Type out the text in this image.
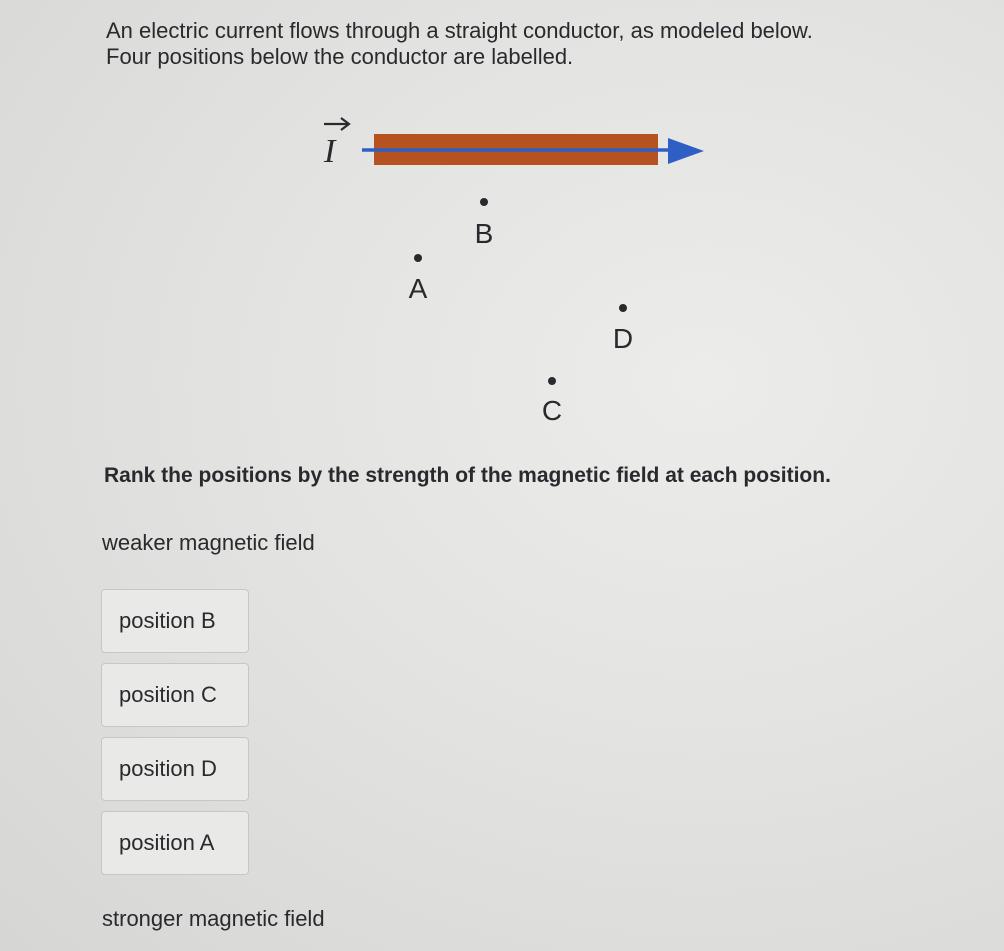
An electric current flows through a straight conductor, as modeled below.
Four positions below the conductor are labelled.
I
A
B
C
D

Rank the positions by the strength of the magnetic field at each position.

weaker magnetic field

position B
position C
position D
position A

stronger magnetic field
